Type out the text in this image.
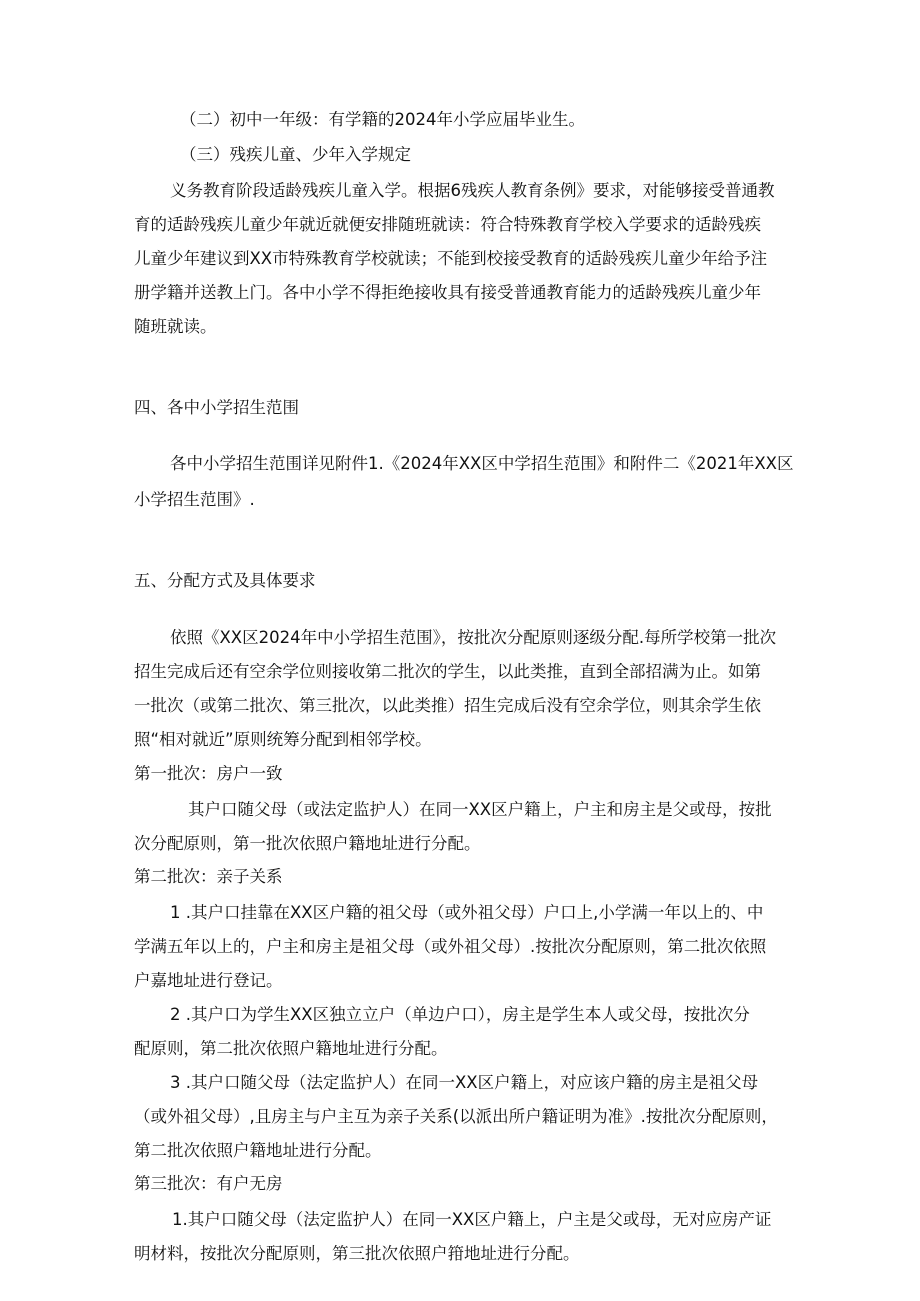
（二）初中一年级：有学籍的2024年小学应届毕业生。

（三）残疾儿童、少年入学规定

义务教育阶段适龄残疾儿童入学。根据6残疾人教育条例》要求，对能够接受普通教

育的适龄残疾儿童少年就近就便安排随班就读：符合特殊教育学校入学要求的适龄残疾

儿童少年建议到XX市特殊教育学校就读；不能到校接受教育的适龄残疾儿童少年给予注

册学籍并送教上门。各中小学不得拒绝接收具有接受普通教育能力的适龄残疾儿童少年

随班就读。

四、各中小学招生范围

各中小学招生范围详见附件1.《2024年XX区中学招生范围》和附件二《2021年XX区

小学招生范围》.

五、分配方式及具体要求

依照《XX区2024年中小学招生范围》，按批次分配原则逐级分配.每所学校第一批次

招生完成后还有空余学位则接收第二批次的学生，以此类推，直到全部招满为止。如第

一批次（或第二批次、第三批次，以此类推）招生完成后没有空余学位，则其余学生依

照“相对就近”原则统筹分配到相邻学校。

第一批次：房户一致

其户口随父母（或法定监护人）在同一XX区户籍上，户主和房主是父或母，按批

次分配原则，第一批次依照户籍地址进行分配。

第二批次：亲子关系

1 .其户口挂靠在XX区户籍的祖父母（或外祖父母）户口上,小学满一年以上的、中

学满五年以上的，户主和房主是祖父母（或外祖父母）.按批次分配原则，第二批次依照

户嘉地址进行登记。

2 .其户口为学生XX区独立立户（单边户口），房主是学生本人或父母，按批次分

配原则，第二批次依照户籍地址进行分配。

3 .其户口随父母（法定监护人）在同一XX区户籍上，对应该户籍的房主是祖父母

（或外祖父母）,且房主与户主互为亲子关系(以派出所户籍证明为准》.按批次分配原则，

第二批次依照户籍地址进行分配。

第三批次：有户无房

1.其户口随父母（法定监护人）在同一XX区户籍上，户主是父或母，无对应房产证

明材料，按批次分配原则，第三批次依照户箝地址进行分配。
